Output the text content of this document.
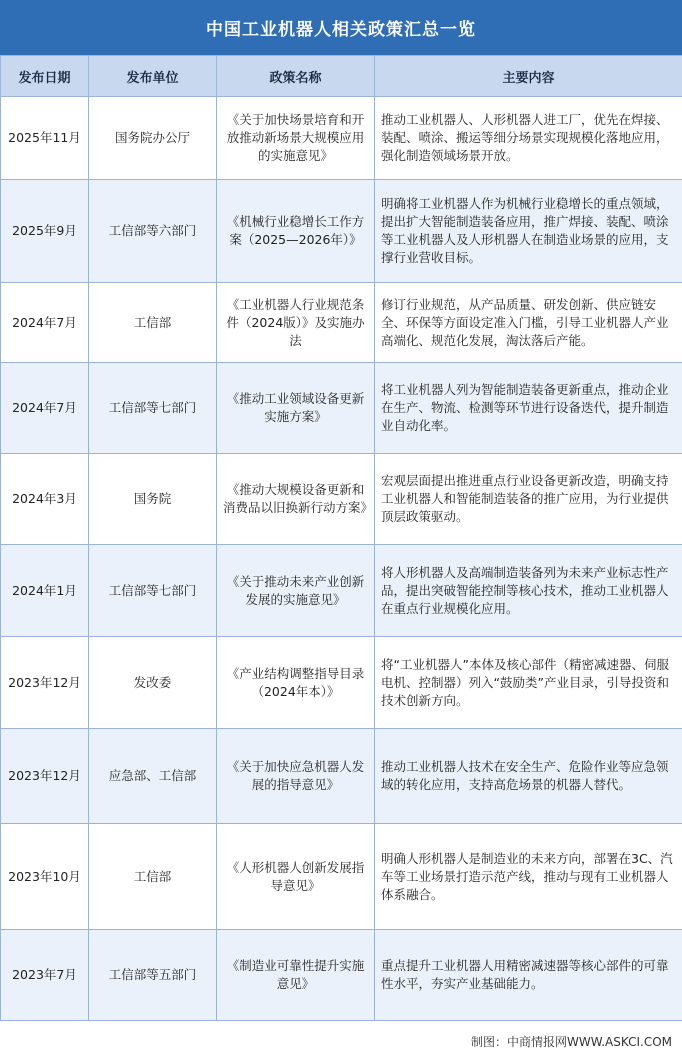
中国工业机器人相关政策汇总一览
发布日期	发布单位	政策名称	主要内容
2025年11月	国务院办公厅	《关于加快场景培育和开放推动新场景大规模应用的实施意见》	推动工业机器人、人形机器人进工厂，优先在焊接、装配、喷涂、搬运等细分场景实现规模化落地应用，强化制造领域场景开放。
2025年9月	工信部等六部门	《机械行业稳增长工作方案（2025—2026年）》	明确将工业机器人作为机械行业稳增长的重点领域，提出扩大智能制造装备应用，推广焊接、装配、喷涂等工业机器人及人形机器人在制造业场景的应用，支撑行业营收目标。
2024年7月	工信部	《工业机器人行业规范条件（2024版）》及实施办法	修订行业规范，从产品质量、研发创新、供应链安全、环保等方面设定准入门槛，引导工业机器人产业高端化、规范化发展，淘汰落后产能。
2024年7月	工信部等七部门	《推动工业领域设备更新实施方案》	将工业机器人列为智能制造装备更新重点，推动企业在生产、物流、检测等环节进行设备迭代，提升制造业自动化率。
2024年3月	国务院	《推动大规模设备更新和消费品以旧换新行动方案》	宏观层面提出推进重点行业设备更新改造，明确支持工业机器人和智能制造装备的推广应用，为行业提供顶层政策驱动。
2024年1月	工信部等七部门	《关于推动未来产业创新发展的实施意见》	将人形机器人及高端制造装备列为未来产业标志性产品，提出突破智能控制等核心技术，推动工业机器人在重点行业规模化应用。
2023年12月	发改委	《产业结构调整指导目录（2024年本）》	将“工业机器人”本体及核心部件（精密减速器、伺服电机、控制器）列入“鼓励类”产业目录，引导投资和技术创新方向。
2023年12月	应急部、工信部	《关于加快应急机器人发展的指导意见》	推动工业机器人技术在安全生产、危险作业等应急领域的转化应用，支持高危场景的机器人替代。
2023年10月	工信部	《人形机器人创新发展指导意见》	明确人形机器人是制造业的未来方向，部署在3C、汽车等工业场景打造示范产线，推动与现有工业机器人体系融合。
2023年7月	工信部等五部门	《制造业可靠性提升实施意见》	重点提升工业机器人用精密减速器等核心部件的可靠性水平，夯实产业基础能力。
制图：中商情报网WWW.ASKCI.COM
